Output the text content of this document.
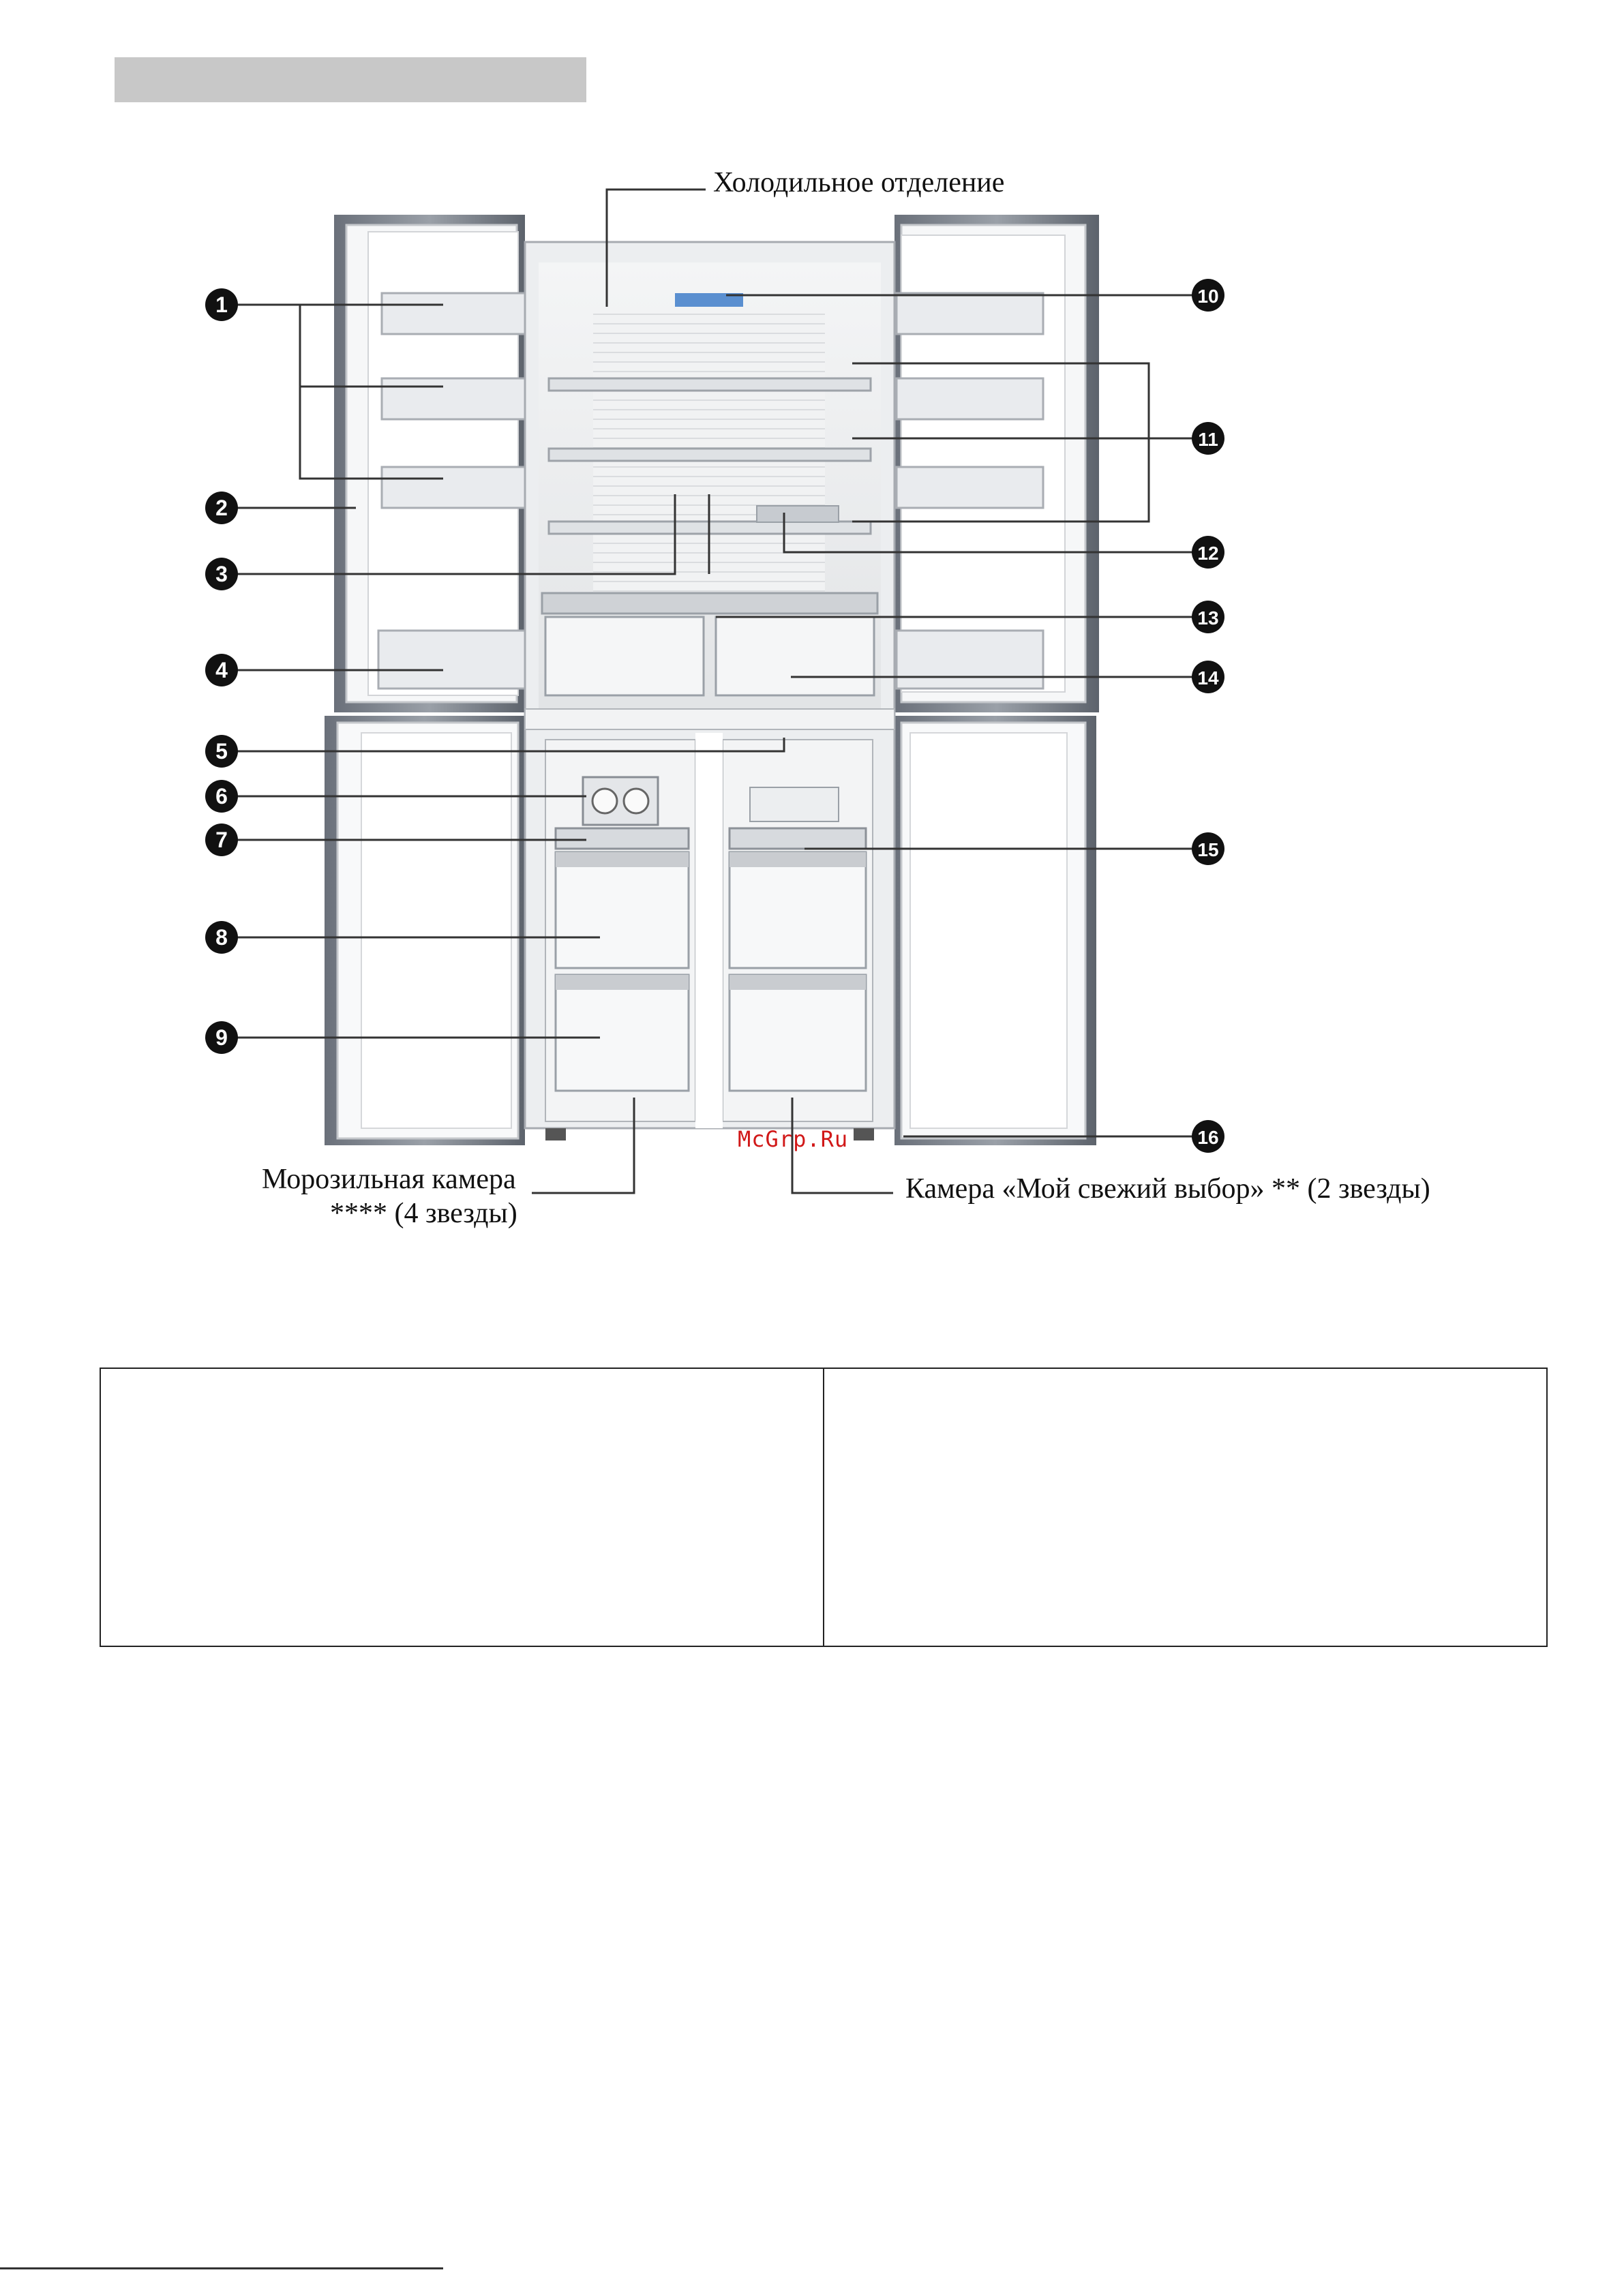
1
2
3
4
5
6
7
8
9
10
11
12
13
14
15
16
Холодильное отделение
Морозильная камера
**** (4 звезды)
Камера «Мой свежий выбор» ** (2 звезды)
McGrp.Ru
